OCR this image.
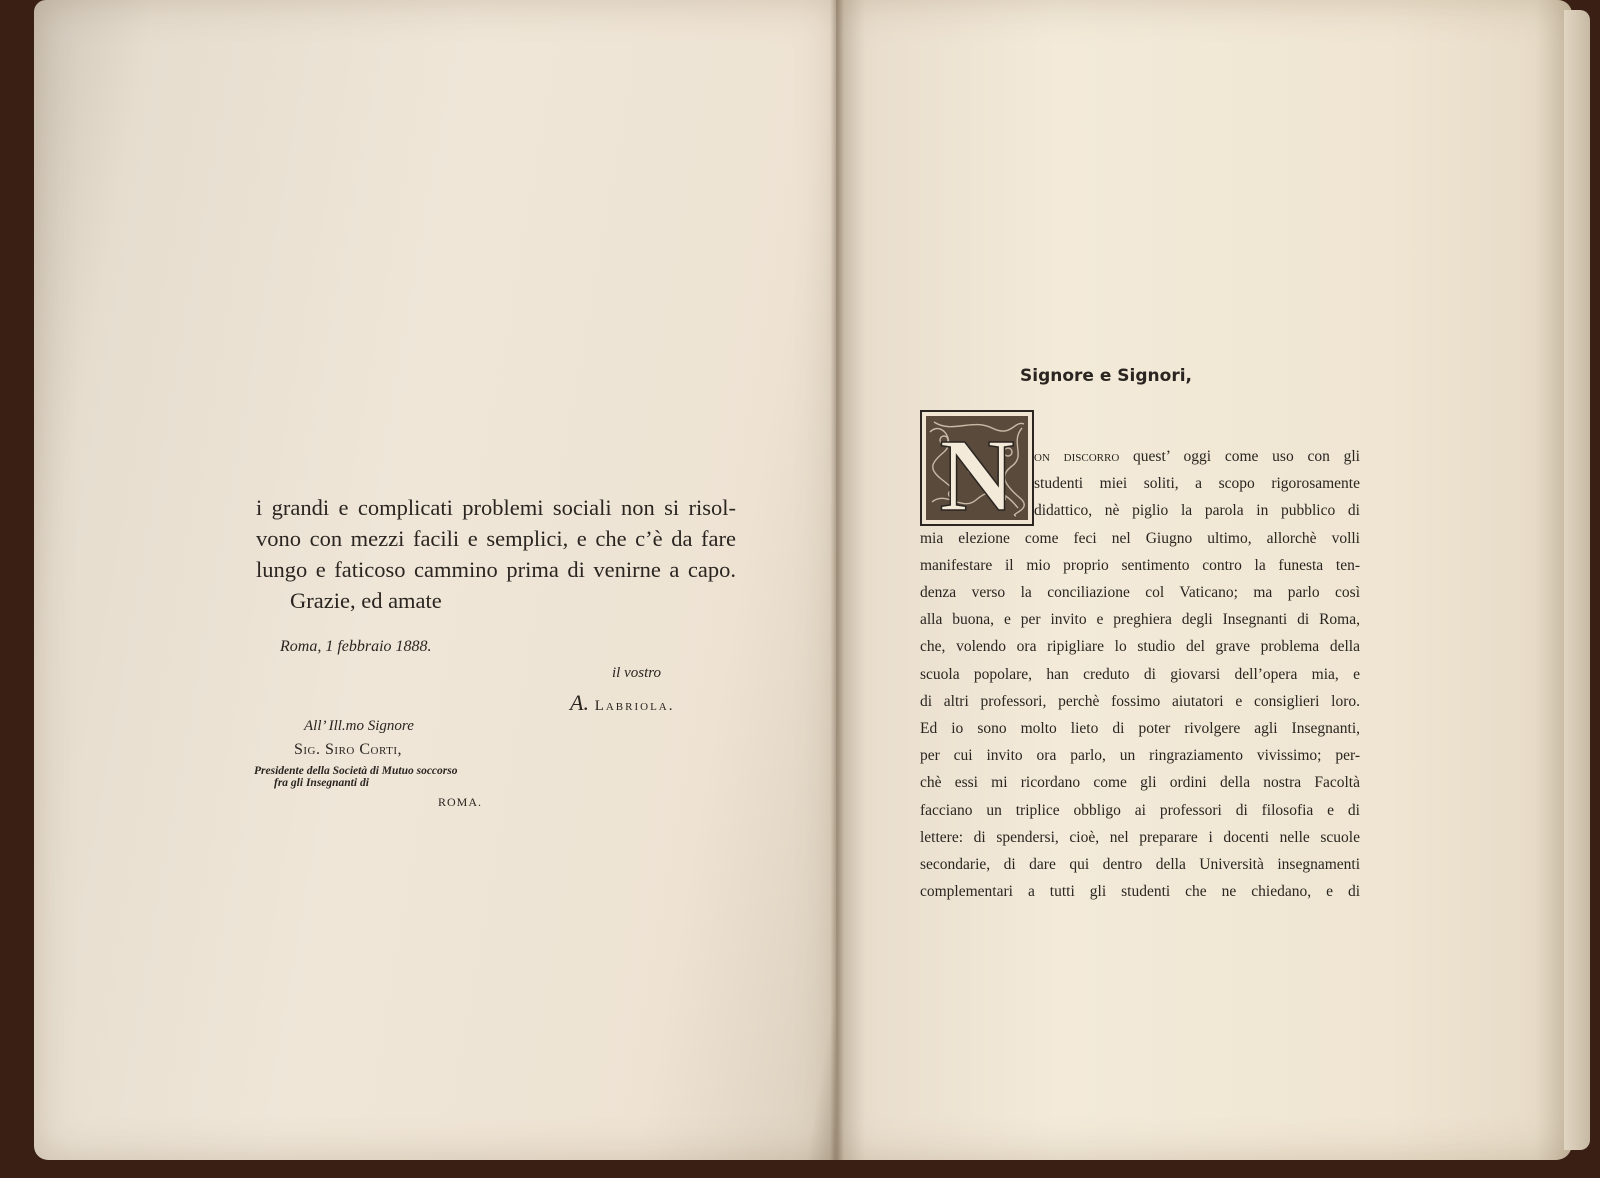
i grandi e complicati problemi sociali non si risol-
vono con mezzi facili e semplici, e che c’è da fare
lungo e faticoso cammino prima di venirne a capo.
Grazie, ed amate
Roma, 1 febbraio 1888.
il vostro
A. Labriola.
All’ Ill.mo Signore
Sig. Siro Corti,
Presidente della Società di Mutuo soccorso
fra gli Insegnanti di
ROMA.
Signore e Signori,
N on discorro quest’ oggi come uso con gli
studenti miei soliti, a scopo rigorosamente
didattico, nè piglio la parola in pubblico di
mia elezione come feci nel Giugno ultimo, allorchè volli
manifestare il mio proprio sentimento contro la funesta ten-
denza verso la conciliazione col Vaticano; ma parlo così
alla buona, e per invito e preghiera degli Insegnanti di Roma,
che, volendo ora ripigliare lo studio del grave problema della
scuola popolare, han creduto di giovarsi dell’opera mia, e
di altri professori, perchè fossimo aiutatori e consiglieri loro.
Ed io sono molto lieto di poter rivolgere agli Insegnanti,
per cui invito ora parlo, un ringraziamento vivissimo; per-
chè essi mi ricordano come gli ordini della nostra Facoltà
facciano un triplice obbligo ai professori di filosofia e di
lettere: di spendersi, cioè, nel preparare i docenti nelle scuole
secondarie, di dare qui dentro della Università insegnamenti
complementari a tutti gli studenti che ne chiedano, e di
